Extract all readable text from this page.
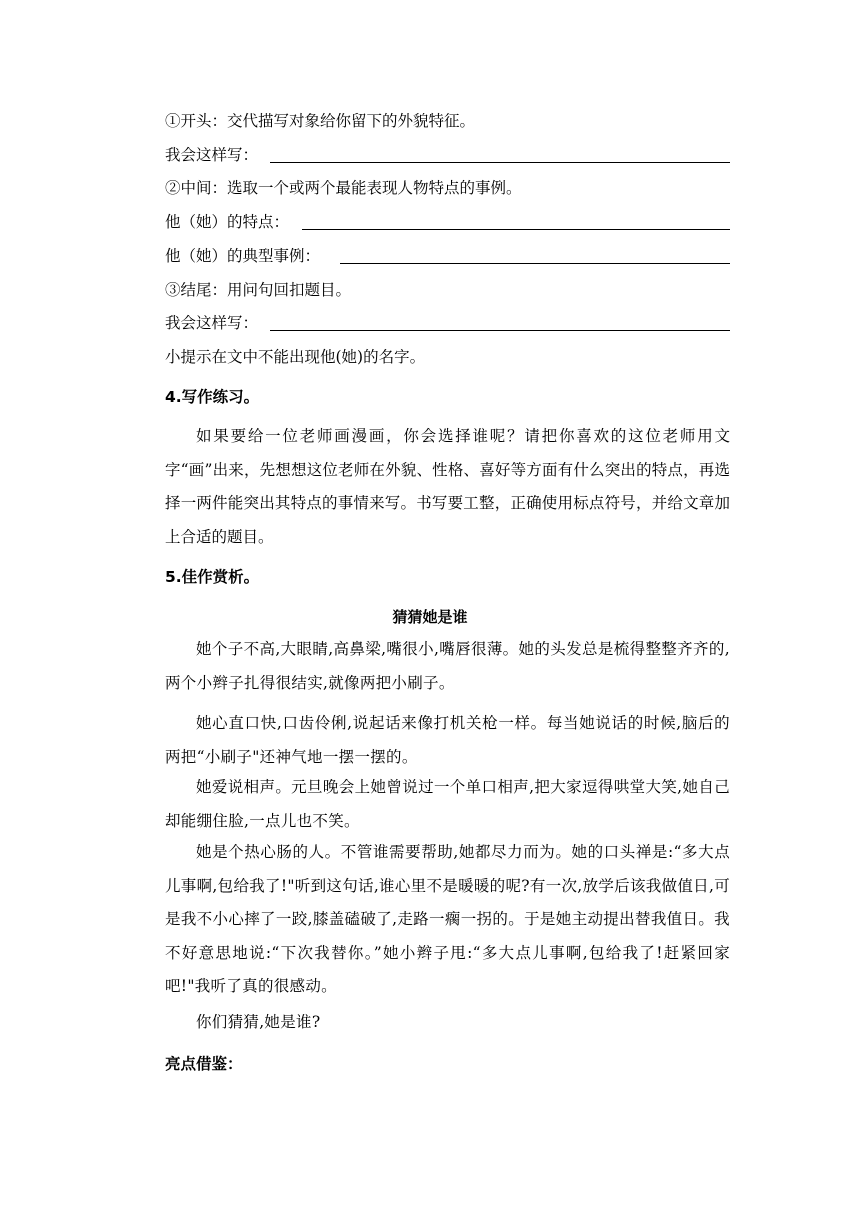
①开头：交代描写对象给你留下的外貌特征。
我会这样写：
②中间：选取一个或两个最能表现人物特点的事例。
他（她）的特点：
他（她）的典型事例：
③结尾：用问句回扣题目。
我会这样写：
小提示在文中不能出现他(她)的名字。
4.写作练习。
如果要给一位老师画漫画，你会选择谁呢？请把你喜欢的这位老师用文字“画”出来，先想想这位老师在外貌、性格、喜好等方面有什么突出的特点，再选择一两件能突出其特点的事情来写。书写要工整，正确使用标点符号，并给文章加上合适的题目。
5.佳作赏析。
猜猜她是谁
她个子不高,大眼睛,高鼻梁,嘴很小,嘴唇很薄。她的头发总是梳得整整齐齐的,两个小辫子扎得很结实,就像两把小刷子。
她心直口快,口齿伶俐,说起话来像打机关枪一样。每当她说话的时候,脑后的两把“小刷子"还神气地一摆一摆的。
她爱说相声。元旦晚会上她曾说过一个单口相声,把大家逗得哄堂大笑,她自己却能绷住脸,一点儿也不笑。
她是个热心肠的人。不管谁需要帮助,她都尽力而为。她的口头禅是:“多大点儿事啊,包给我了!"听到这句话,谁心里不是暖暖的呢?有一次,放学后该我做值日,可是我不小心摔了一跤,膝盖磕破了,走路一瘸一拐的。于是她主动提出替我值日。我不好意思地说:“下次我替你。”她小辫子甩:“多大点儿事啊,包给我了!赶紧回家吧!"我听了真的很感动。
你们猜猜,她是谁?
亮点借鉴：
